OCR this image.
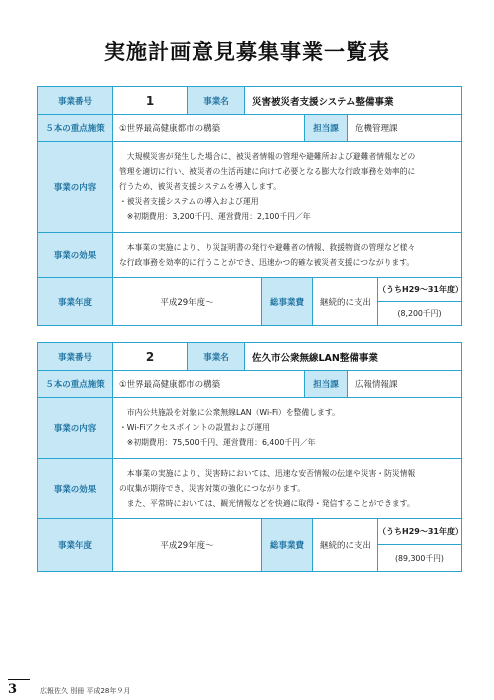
実施計画意見募集事業一覧表
事業番号	1	事業名	災害被災者支援システム整備事業
５本の重点施策	①世界最高健康都市の構築	担当課	危機管理課
事業の内容

　大規模災害が発生した場合に、被災者情報の管理や避難所および避難者情報などの

管理を適切に行い、被災者の生活再建に向けて必要となる膨大な行政事務を効率的に

行うため、被災者支援システムを導入します。

・被災者支援システムの導入および運用

　※初期費用：3,200千円、運営費用：2,100千円／年

事業の効果

　本事業の実施により、り災証明書の発行や避難者の情報、救援物資の管理など様々

な行政事務を効率的に行うことができ、迅速かつ的確な被災者支援につながります。

事業年度	平成29年度〜	総事業費	継続的に支出
（うちH29〜31年度）
(8,200千円)
事業番号	2	事業名	佐久市公衆無線LAN整備事業
５本の重点施策	①世界最高健康都市の構築	担当課	広報情報課
事業の内容

　市内公共施設を対象に公衆無線LAN（Wi-Fi）を整備します。

・Wi-Fiアクセスポイントの設置および運用

　※初期費用：75,500千円、運営費用：6,400千円／年

事業の効果

　本事業の実施により、災害時においては、迅速な安否情報の伝達や災害・防災情報

の収集が期待でき、災害対策の強化につながります。

　また、平常時においては、観光情報などを快適に取得・発信することができます。

事業年度	平成29年度〜	総事業費	継続的に支出
（うちH29〜31年度）
(89,300千円)
3	広報佐久 別冊 平成28年９月
